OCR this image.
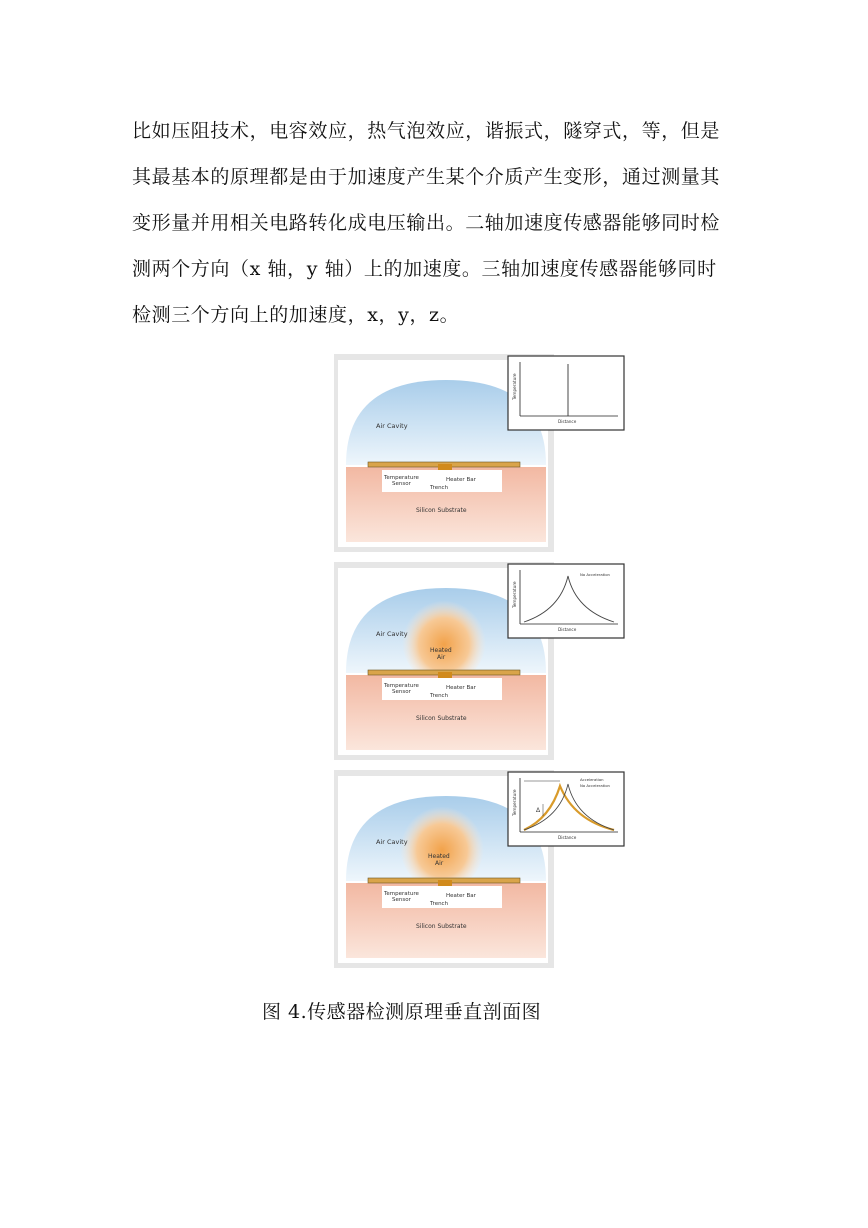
比如压阻技术，电容效应，热气泡效应，谐振式，隧穿式，等，但是
其最基本的原理都是由于加速度产生某个介质产生变形，通过测量其
变形量并用相关电路转化成电压输出。二轴加速度传感器能够同时检
测两个方向（x 轴，y 轴）上的加速度。三轴加速度传感器能够同时
检测三个方向上的加速度，x，y，z。
Air Cavity
Temperature
Sensor
Heater Bar
Trench
Silicon Substrate
Temperature
Distance
Air Cavity
Heated
Air
Temperature
Sensor
Heater Bar
Trench
Silicon Substrate
No Acceleration
Temperature
Distance
Air Cavity
Heated
Air
Temperature
Sensor
Heater Bar
Trench
Silicon Substrate
Δ
Acceleration
No Acceleration
Temperature
Distance
图 4.传感器检测原理垂直剖面图
